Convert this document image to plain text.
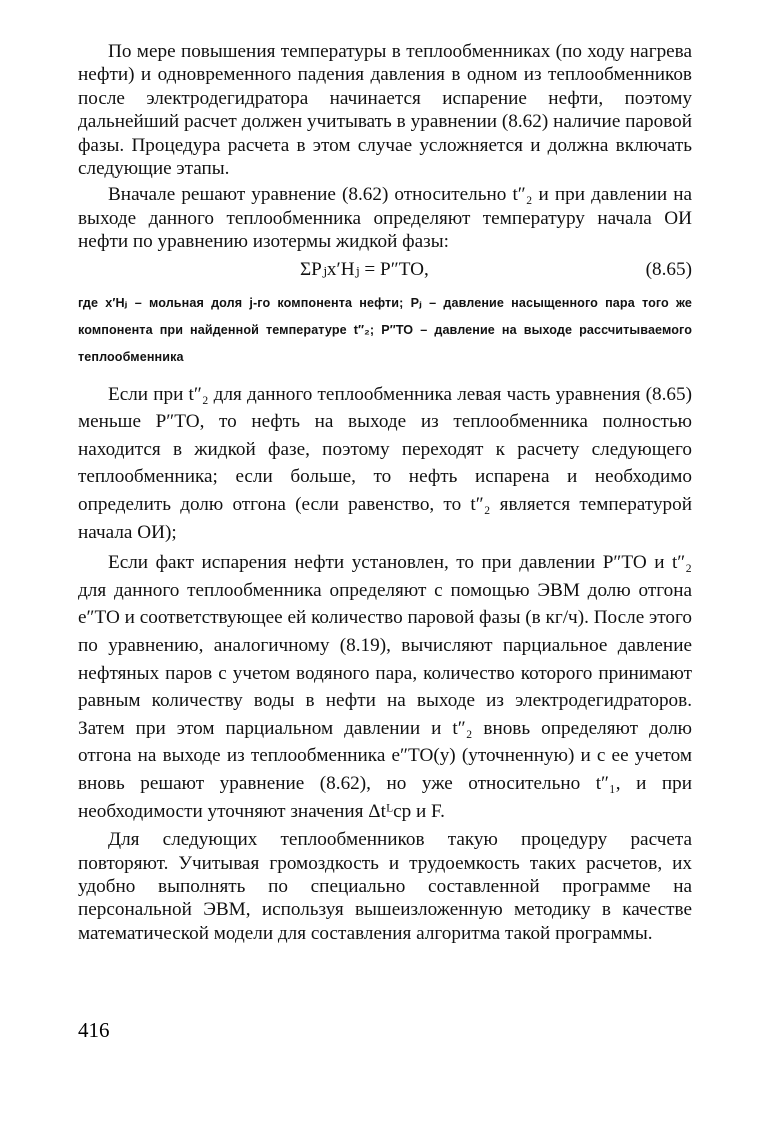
По мере повышения температуры в теплообменниках (по ходу нагрева нефти) и одновременного падения давления в одном из теплообменников после электродегидратора начинается испарение нефти, поэтому дальнейший расчет должен учитывать в уравнении (8.62) наличие паровой фазы. Процедура расчета в этом случае усложняется и должна включать следующие этапы.

Вначале решают уравнение (8.62) относительно t″₂ и при давлении на выходе данного теплообменника определяют температуру начала ОИ нефти по уравнению изотермы жидкой фазы:

ΣPⱼx′Hⱼ = P″ТО,	(8.65)

где x′Hⱼ – мольная доля j-го компонента нефти; Pⱼ – давление насыщенного пара того же компонента при найденной температуре t″₂; P″ТО – давление на выходе рассчитываемого теплообменника

Если при t″₂ для данного теплообменника левая часть уравнения (8.65) меньше P″ТО, то нефть на выходе из теплообменника полностью находится в жидкой фазе, поэтому переходят к расчету следующего теплообменника; если больше, то нефть испарена и необходимо определить долю отгона (если равенство, то t″₂ является температурой начала ОИ);

Если факт испарения нефти установлен, то при давлении P″ТО и t″₂ для данного теплообменника определяют с помощью ЭВМ долю отгона e″ТО и соответствующее ей количество паровой фазы (в кг/ч). После этого по уравнению, аналогичному (8.19), вычисляют парциальное давление нефтяных паров с учетом водяного пара, количество которого принимают равным количеству воды в нефти на выходе из электродегидраторов. Затем при этом парциальном давлении и t″₂ вновь определяют долю отгона на выходе из теплообменника e″ТО(у) (уточненную) и с ее учетом вновь решают уравнение (8.62), но уже относительно t″₁, и при необходимости уточняют значения Δtᴸср и F.

Для следующих теплообменников такую процедуру расчета повторяют. Учитывая громоздкость и трудоемкость таких расчетов, их удобно выполнять по специально составленной программе на персональной ЭВМ, используя вышеизложенную методику в качестве математической модели для составления алгоритма такой программы.

416
